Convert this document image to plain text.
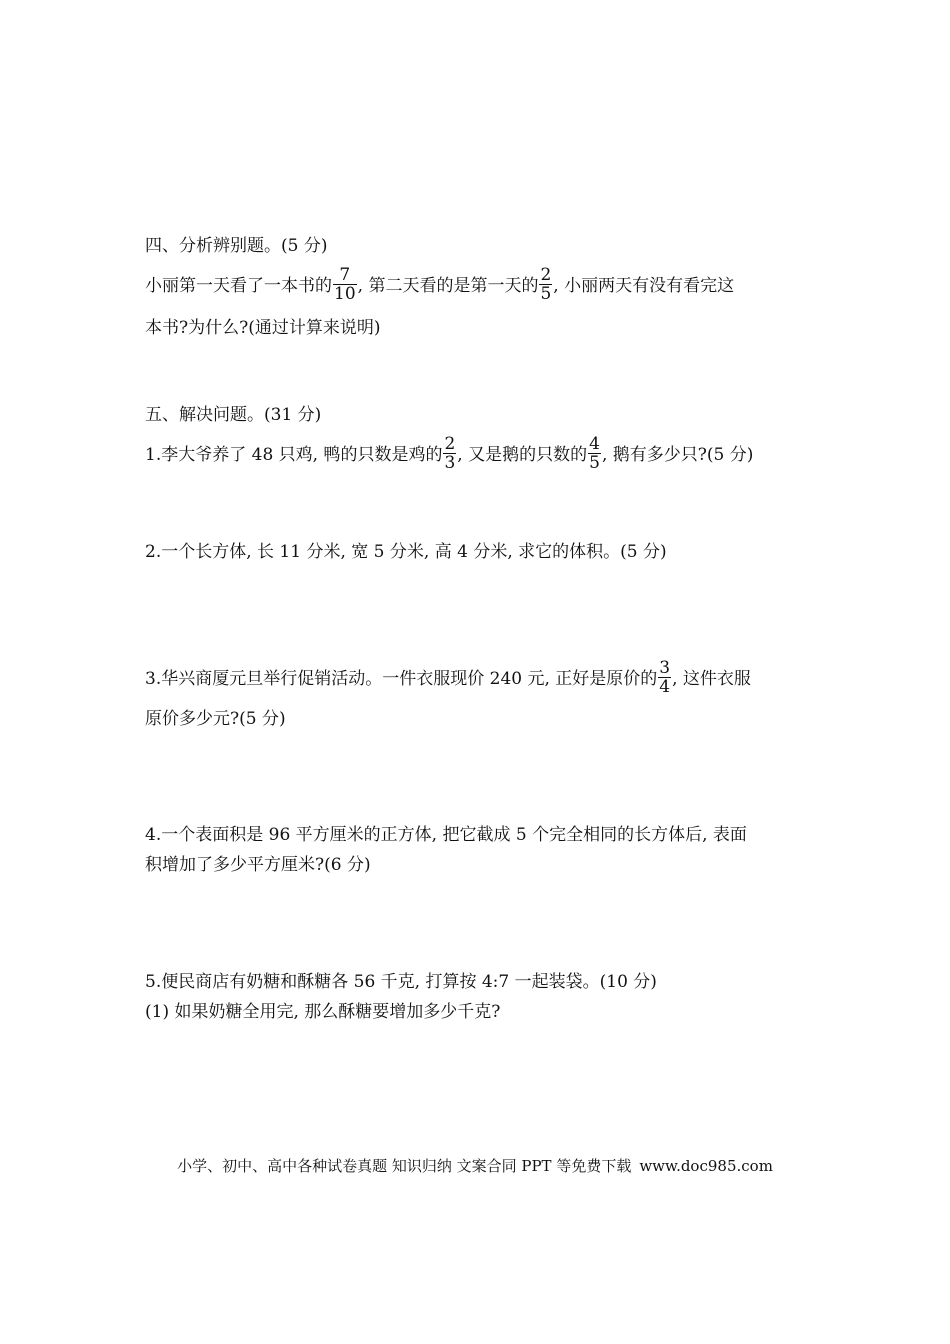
四、分析辨别题。(5 分)
小丽第一天看了一本书的 $\frac{7}{10}$ , 第二天看的是第一天的 $\frac{2}{5}$ , 小丽两天有没有看完这
本书?为什么?(通过计算来说明)
五、解决问题。(31 分)
1.李大爷养了 48 只鸡, 鸭的只数是鸡的 $\frac{2}{3}$ , 又是鹅的只数的 $\frac{4}{5}$ , 鹅有多少只?(5 分)
2.一个长方体, 长 11 分米, 宽 5 分米, 高 4 分米, 求它的体积。(5 分)
3.华兴商厦元旦举行促销活动。一件衣服现价 240 元, 正好是原价的 $\frac{3}{4}$ , 这件衣服
原价多少元?(5 分)
4.一个表面积是 96 平方厘米的正方体, 把它截成 5 个完全相同的长方体后, 表面
积增加了多少平方厘米?(6 分)
5.便民商店有奶糖和酥糖各 56 千克, 打算按 4:7 一起装袋。(10 分)
(1) 如果奶糖全用完, 那么酥糖要增加多少千克?
小学、初中、高中各种试卷真题 知识归纳 文案合同 PPT 等免费下载 www.doc985.com
